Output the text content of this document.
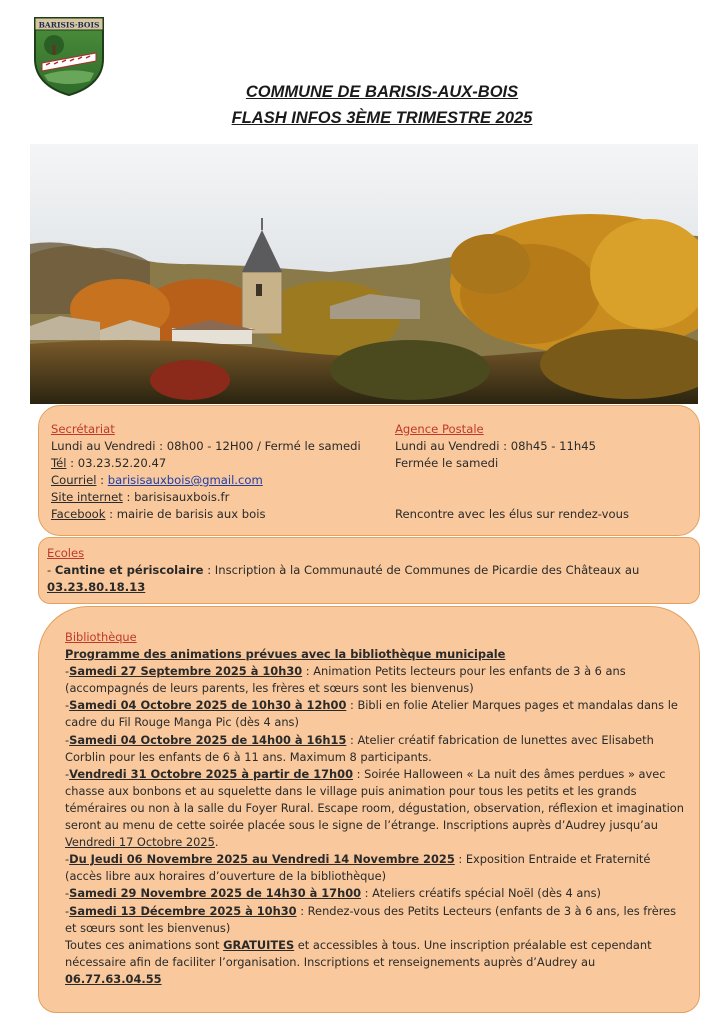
BARISIS·BOIS
COMMUNE DE BARISIS-AUX-BOIS
FLASH INFOS 3ÈME TRIMESTRE 2025
Secrétariat
Lundi au Vendredi : 08h00 - 12H00 / Fermé le samedi
Tél : 03.23.52.20.47
Courriel : barisisauxbois@gmail.com
Site internet : barisisauxbois.fr
Facebook : mairie de barisis aux bois
Agence Postale
Lundi au Vendredi : 08h45 - 11h45
Fermée le samedi

Rencontre avec les élus sur rendez-vous
Ecoles
- Cantine et périscolaire : Inscription à la Communauté de Communes de Picardie des Châteaux au
03.23.80.18.13
Bibliothèque
Programme des animations prévues avec la bibliothèque municipale
-Samedi 27 Septembre 2025 à 10h30 : Animation Petits lecteurs pour les enfants de 3 à 6 ans (accompagnés de leurs parents, les frères et sœurs sont les bienvenus)
-Samedi 04 Octobre 2025 de 10h30 à 12h00 : Bibli en folie Atelier Marques pages et mandalas dans le cadre du Fil Rouge Manga Pic (dès 4 ans)
-Samedi 04 Octobre 2025 de 14h00 à 16h15 : Atelier créatif fabrication de lunettes avec Elisabeth Corblin pour les enfants de 6 à 11 ans. Maximum 8 participants.
-Vendredi 31 Octobre 2025 à partir de 17h00 : Soirée Halloween « La nuit des âmes perdues » avec chasse aux bonbons et au squelette dans le village puis animation pour tous les petits et les grands téméraires ou non à la salle du Foyer Rural. Escape room, dégustation, observation, réflexion et imagination seront au menu de cette soirée placée sous le signe de l’étrange. Inscriptions auprès d’Audrey jusqu’au Vendredi 17 Octobre 2025.
-Du Jeudi 06 Novembre 2025 au Vendredi 14 Novembre 2025 : Exposition Entraide et Fraternité (accès libre aux horaires d’ouverture de la bibliothèque)
-Samedi 29 Novembre 2025 de 14h30 à 17h00 : Ateliers créatifs spécial Noël (dès 4 ans)
-Samedi 13 Décembre 2025 à 10h30 : Rendez-vous des Petits Lecteurs (enfants de 3 à 6 ans, les frères et sœurs sont les bienvenus)
Toutes ces animations sont GRATUITES et accessibles à tous. Une inscription préalable est cependant nécessaire afin de faciliter l’organisation. Inscriptions et renseignements auprès d’Audrey au
06.77.63.04.55
